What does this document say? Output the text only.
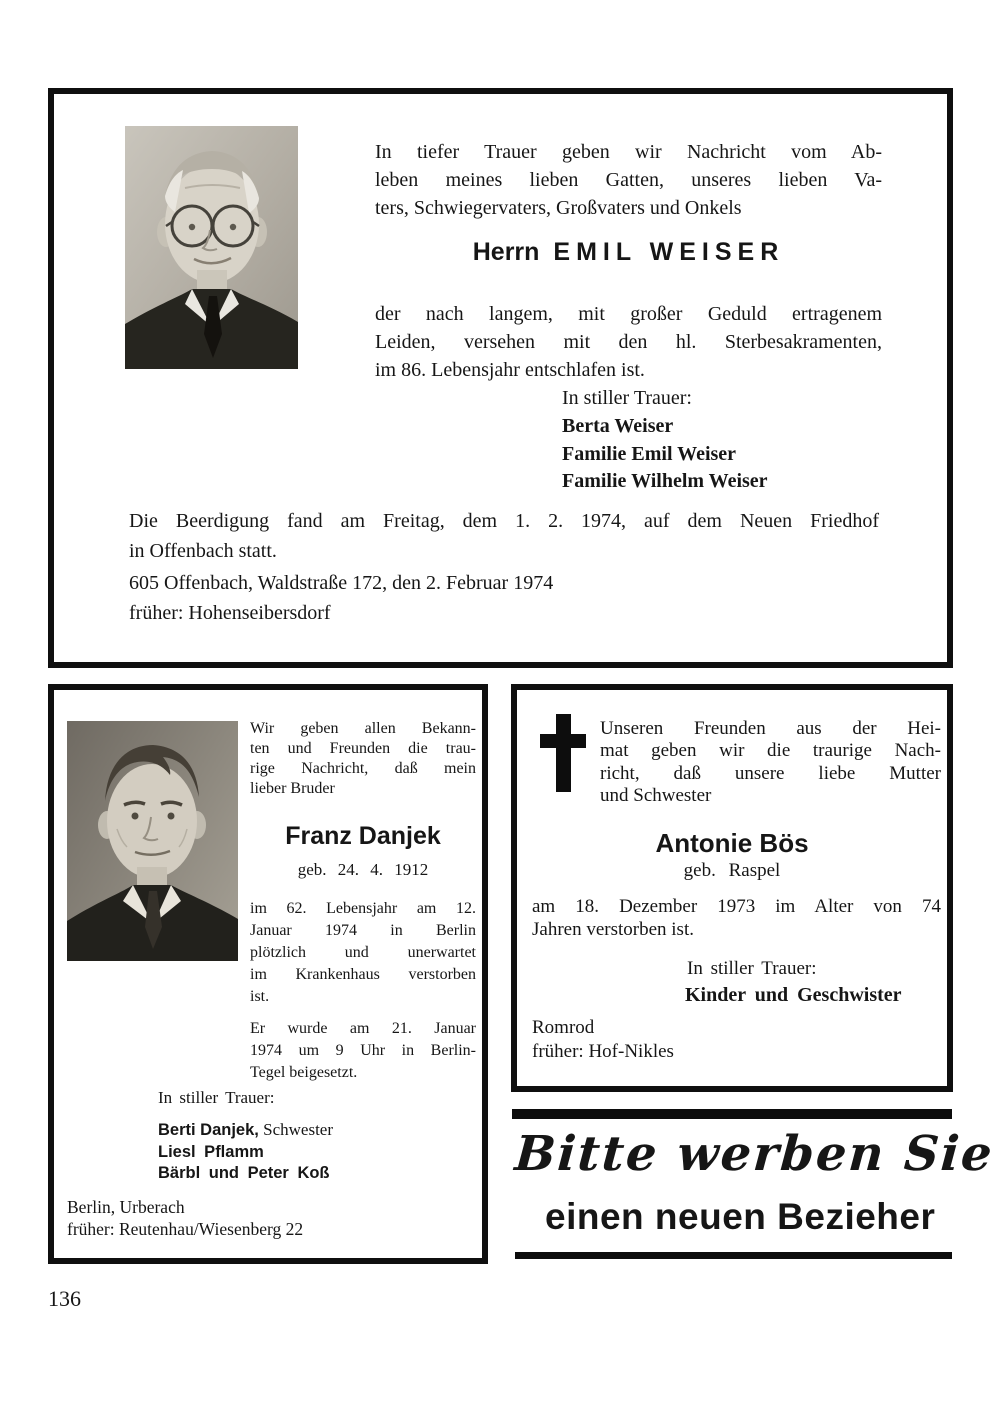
In tiefer Trauer geben wir Nachricht vom Ab-
leben meines lieben Gatten, unseres lieben Va-
ters, Schwiegervaters, Großvaters und Onkels
Herrn EMIL WEISER
der nach langem, mit großer Geduld ertragenem
Leiden, versehen mit den hl. Sterbesakramenten,
im 86. Lebensjahr entschlafen ist.
In stiller Trauer:
Berta Weiser
Familie Emil Weiser
Familie Wilhelm Weiser
Die Beerdigung fand am Freitag, dem 1. 2. 1974, auf dem Neuen Friedhof
in Offenbach statt.
605 Offenbach, Waldstraße 172, den 2. Februar 1974
früher: Hohenseibersdorf
Wir geben allen Bekann-
ten und Freunden die trau-
rige Nachricht, daß mein
lieber Bruder
Franz Danjek
geb. 24. 4. 1912
im 62. Lebensjahr am 12.
Januar 1974 in Berlin
plötzlich und unerwartet
im Krankenhaus verstorben
ist.
Er wurde am 21. Januar
1974 um 9 Uhr in Berlin-
Tegel beigesetzt.
In stiller Trauer:
Berti Danjek, Schwester
Liesl Pflamm
Bärbl und Peter Koß
Berlin, Urberach
früher: Reutenhau/Wiesenberg 22
Unseren Freunden aus der Hei-
mat geben wir die traurige Nach-
richt, daß unsere liebe Mutter
und Schwester
Antonie Bös
geb. Raspel
am 18. Dezember 1973 im Alter von 74
Jahren verstorben ist.
In stiller Trauer:
Kinder und Geschwister
Romrod
früher: Hof-Nikles
Bitte werben Sie
einen neuen Bezieher
136
